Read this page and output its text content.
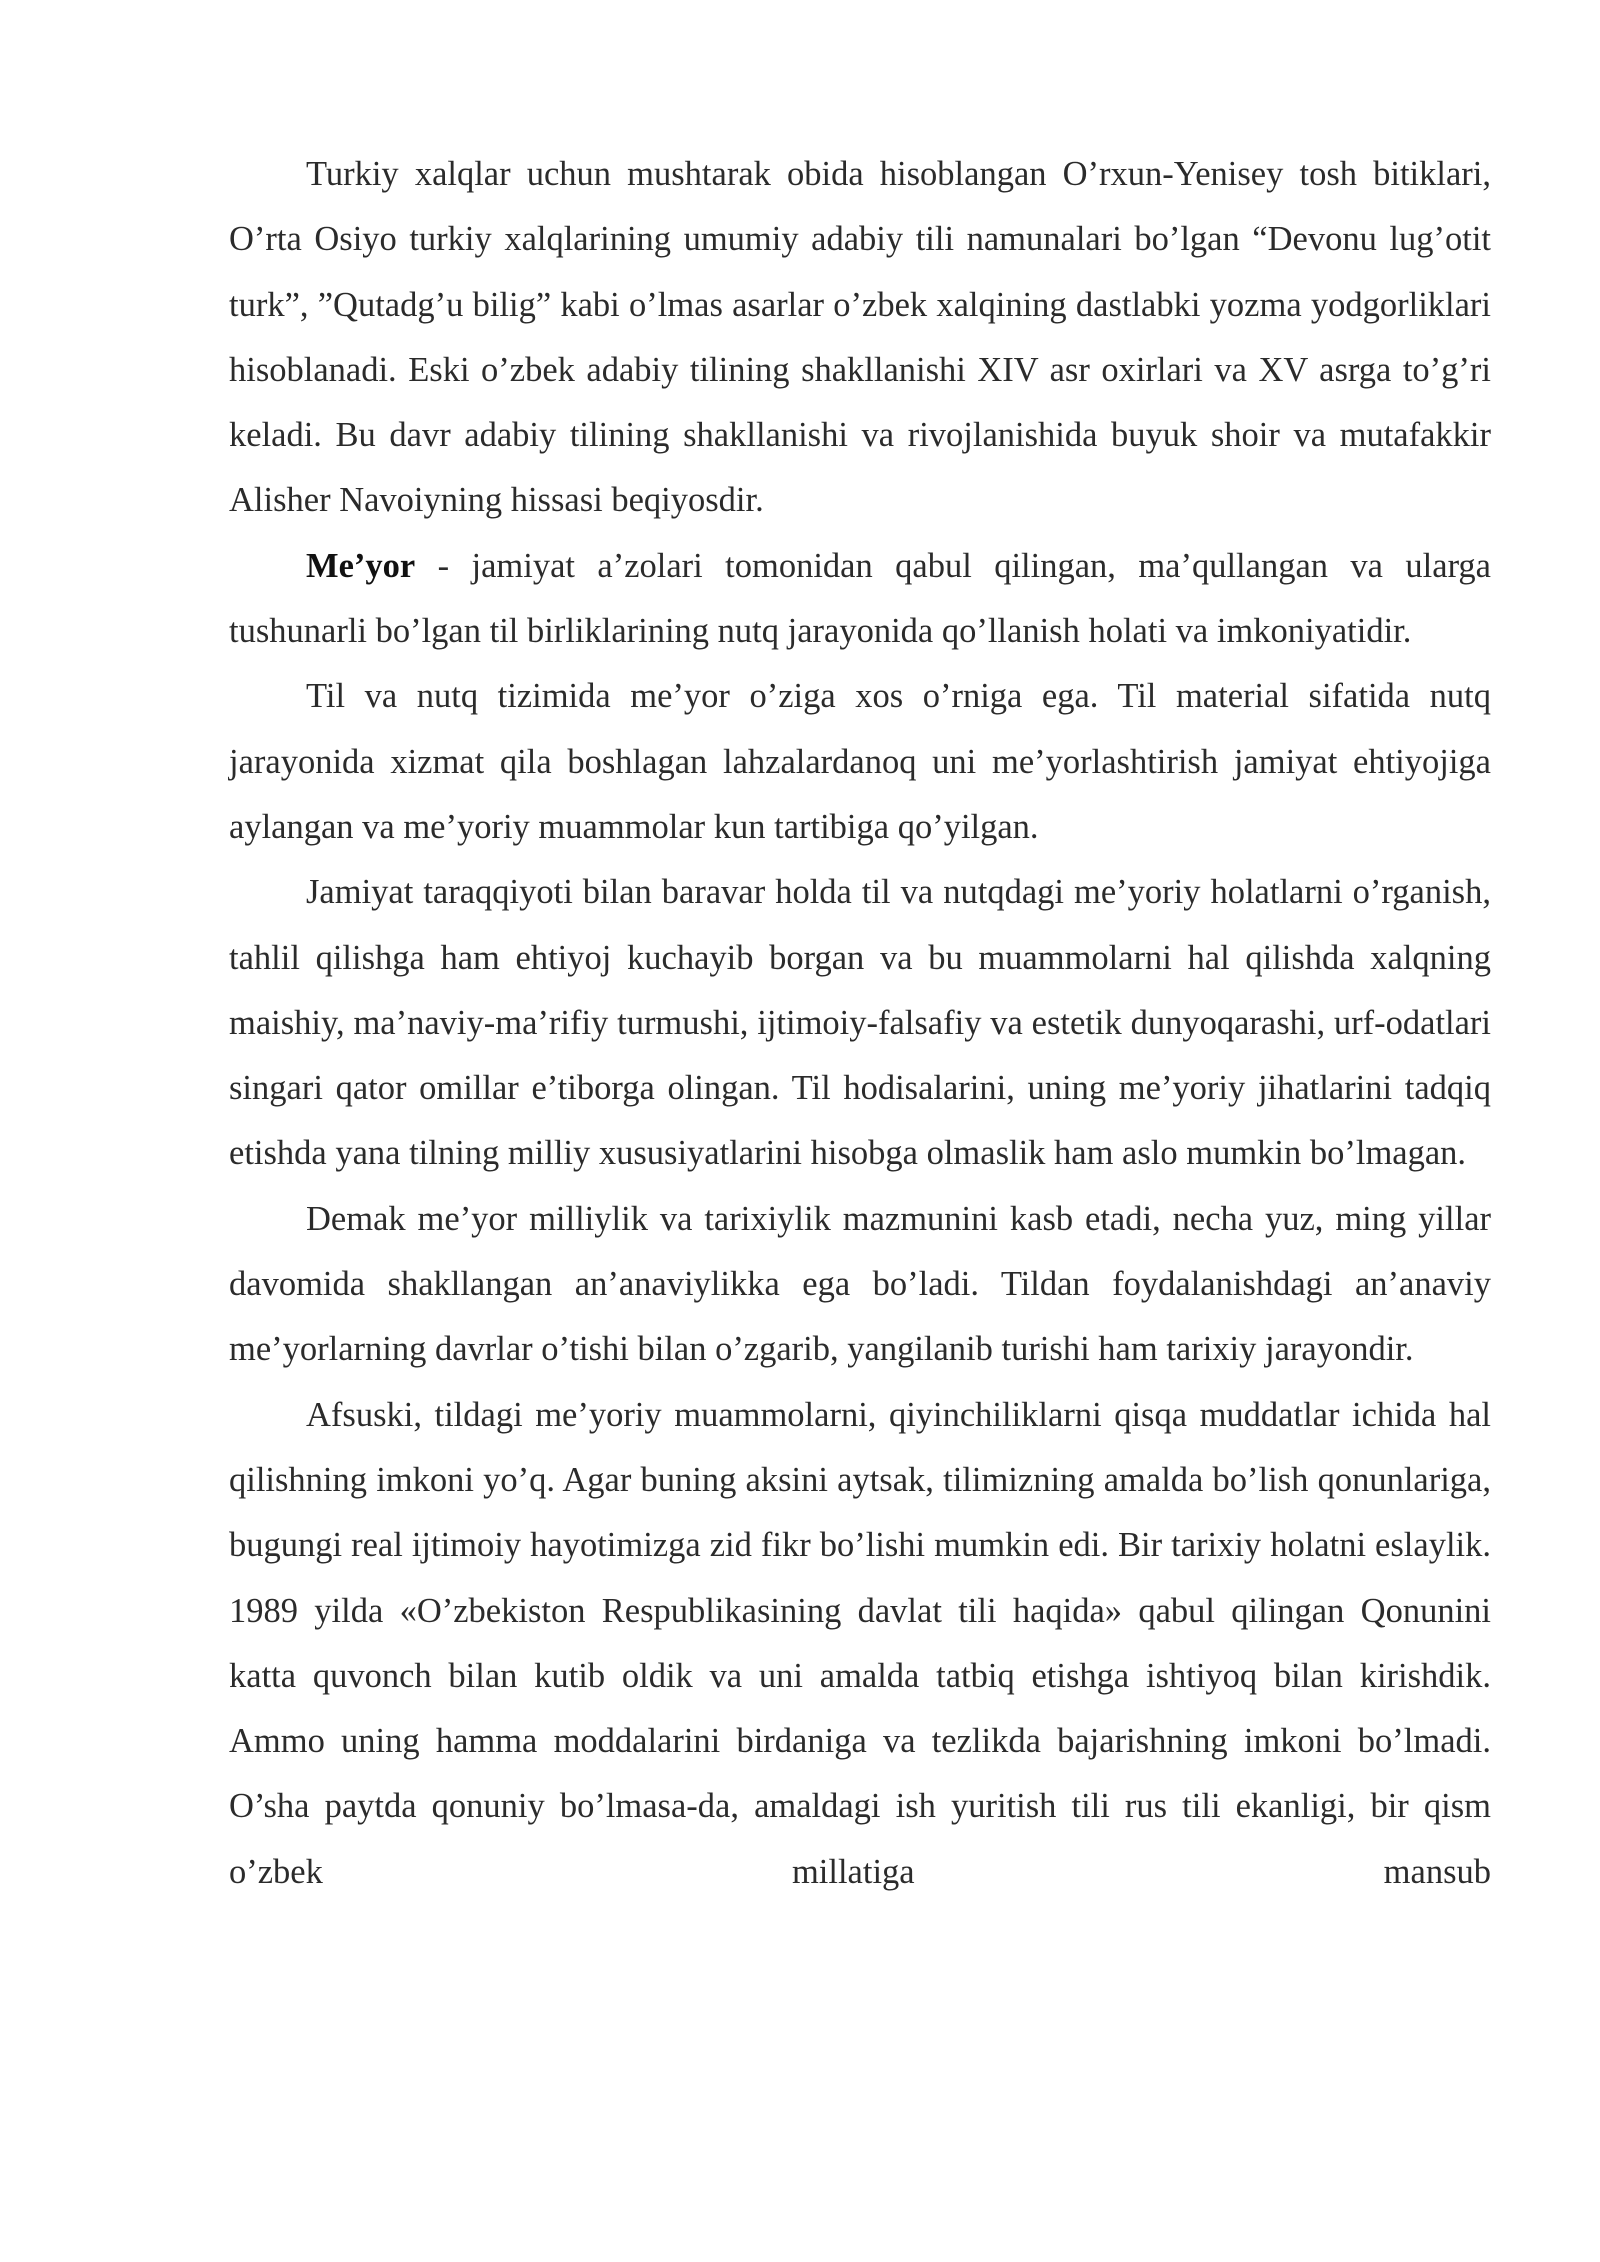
Turkiy xalqlar uchun mushtarak obida hisoblangan O’rxun-Yenisey tosh bitiklari, O’rta Osiyo turkiy xalqlarining umumiy adabiy tili namunalari bo’lgan “Devonu lug’otit turk”, ”Qutadg’u bilig” kabi o’lmas asarlar o’zbek xalqining dastlabki yozma yodgorliklari hisoblanadi. Eski o’zbek adabiy tilining shakllanishi XIV asr oxirlari va XV asrga to’g’ri keladi. Bu davr adabiy tilining shakllanishi va rivojlanishida buyuk shoir va mutafakkir Alisher Navoiyning hissasi beqiyosdir.

Me’yor - jamiyat a’zolari tomonidan qabul qilingan, ma’qullangan va ularga tushunarli bo’lgan til birliklarining nutq jarayonida qo’llanish holati va imkoniyatidir.

Til va nutq tizimida me’yor o’ziga xos o’rniga ega. Til material sifatida nutq jarayonida xizmat qila boshlagan lahzalardanoq uni me’yorlashtirish jamiyat ehtiyojiga aylangan va me’yoriy muammolar kun tartibiga qo’yilgan.

Jamiyat taraqqiyoti bilan baravar holda til va nutqdagi me’yoriy holatlarni o’rganish, tahlil qilishga ham ehtiyoj kuchayib borgan va bu muammolarni hal qilishda xalqning maishiy, ma’naviy-ma’rifiy turmushi, ijtimoiy-falsafiy va estetik dunyoqarashi, urf-odatlari singari qator omillar e’tiborga olingan. Til hodisalarini, uning me’yoriy jihatlarini tadqiq etishda yana tilning milliy xususiyatlarini hisobga olmaslik ham aslo mumkin bo’lmagan.

Demak me’yor milliylik va tarixiylik mazmunini kasb etadi, necha yuz, ming yillar davomida shakllangan an’anaviylikka ega bo’ladi. Tildan foydalanishdagi an’anaviy me’yorlarning davrlar o’tishi bilan o’zgarib, yangilanib turishi ham tarixiy jarayondir.

Afsuski, tildagi me’yoriy muammolarni, qiyinchiliklarni qisqa muddatlar ichida hal qilishning imkoni yo’q. Agar buning aksini aytsak, tilimizning amalda bo’lish qonunlariga, bugungi real ijtimoiy hayotimizga zid fikr bo’lishi mumkin edi. Bir tarixiy holatni eslaylik. 1989 yilda «O’zbekiston Respublikasining davlat tili haqida» qabul qilingan Qonunini katta quvonch bilan kutib oldik va uni amalda tatbiq etishga ishtiyoq bilan kirishdik. Ammo uning hamma moddalarini birdaniga va tezlikda bajarishning imkoni bo’lmadi. O’sha paytda qonuniy bo’lmasa-da, amaldagi ish yuritish tili rus tili ekanligi, bir qism o’zbek millatiga mansub
